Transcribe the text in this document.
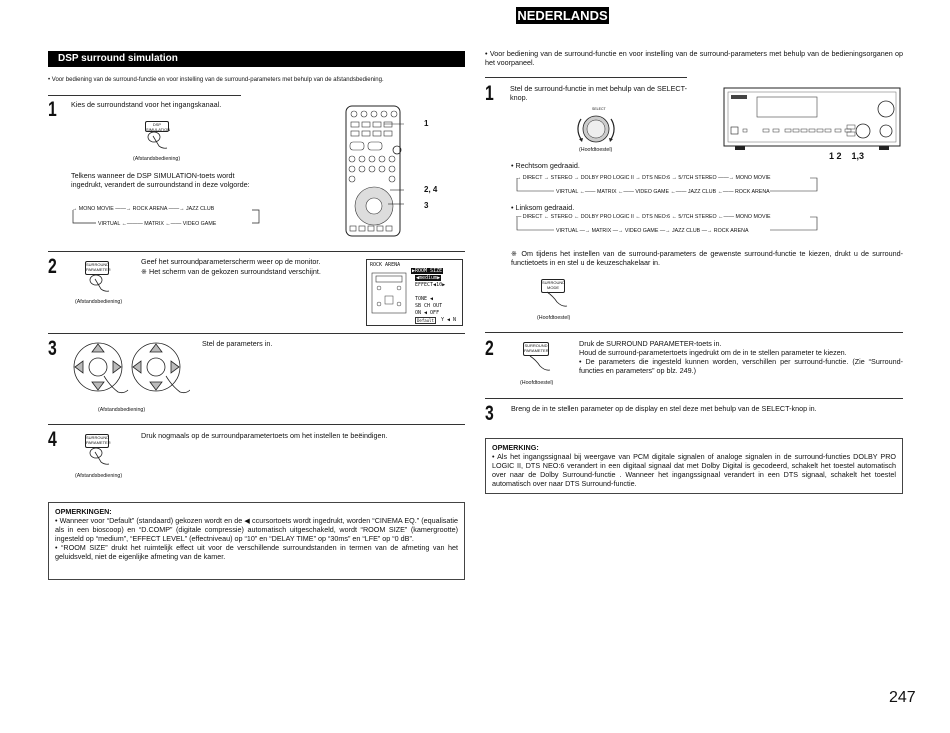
NEDERLANDS
DSP surround simulation
• Voor bediening van de surround-functie en voor instelling van de surround-parameters met behulp van de afstandsbediening.
1 Kies de surroundstand voor het ingangskanaal.
DSP SIMULATION
(Afstandsbediening)
Telkens wanneer de DSP SIMULATION-toets wordt ingedrukt, verandert de surroundstand in deze volgorde:
→ MONO MOVIE ——→ ROCK ARENA ——→ JAZZ CLUB
VIRTUAL ←——— MATRIX ←—— VIDEO GAME
1
2, 4
3
2	SURROUND PARAMETER
(Afstandsbediening)
Geef het surroundparameterscherm weer op de monitor.
※ Het scherm van de gekozen surroundstand verschijnt.
ROCK ARENA
▶ROOM SIZE
◀medium▶
EFFECT◀10▶
TONE ◀
SB CH OUT
ON ◀ OFF
Default	Y ◀ N
3
(Afstandsbediening)
Stel de parameters in.
4	SURROUND PARAMETER
(Afstandsbediening)
Druk nogmaals op de surroundparametertoets om het instellen te beëindigen.
OPMERKINGEN:
• Wanneer voor “Default” (standaard) gekozen wordt en de ◀ ccursortoets wordt ingedrukt, worden “CINEMA EQ.” (equalisatie als in een bioscoop) en “D.COMP” (digitale compressie) automatisch uitgeschakeld, wordt “ROOM SIZE” (kamergrootte) ingesteld op “medium”, “EFFECT LEVEL” (effectniveau) op “10” en “DELAY TIME” op “30ms” en “LFE” op “0 dB”.
• “ROOM SIZE” drukt het ruimtelijk effect uit voor de verschillende surroundstanden in termen van de afmeting van het geluidsveld, niet de eigenlijke afmeting van de kamer.
• Voor bediening van de surround-functie en voor instelling van de surround-parameters met behulp van de bedieningsorganen op het voorpaneel.
1 Stel de surround-functie in met behulp van de SELECT-knop.
SELECT
(Hoofdtoestel)
1 2    1,3
• Rechtsom gedraaid.
→ DIRECT → STEREO → DOLBY PRO LOGIC II → DTS NEO:6 → 5/7CH STEREO ——→ MONO MOVIE
VIRTUAL ←—— MATRIX ←—— VIDEO GAME ←—— JAZZ CLUB ←—— ROCK ARENA
• Linksom gedraaid.
— DIRECT ← STEREO ← DOLBY PRO LOGIC II ← DTS NEO:6 ← 5/7CH STEREO ←—— MONO MOVIE
VIRTUAL —→ MATRIX —→ VIDEO GAME —→ JAZZ CLUB —→ ROCK ARENA
※ Om tijdens het instellen van de surround-parameters de gewenste surround-functie te kiezen, drukt u de surround-functietoets in en stel u de keuzeschakelaar in.
SURROUND MODE
(Hoofdtoestel)
2	SURROUND PARAMETER
(Hoofdtoestel)
Druk de SURROUND PARAMETER-toets in.
Houd de surround-parametertoets ingedrukt om de in te stellen parameter te kiezen.
• De parameters die ingesteld kunnen worden, verschillen per surround-functie. (Zie “Surround-functies en parameters” op blz. 249.)
3 Breng de in te stellen parameter op de display en stel deze met behulp van de SELECT-knop in.
OPMERKING:
• Als het ingangssignaal bij weergave van PCM digitale signalen of analoge signalen in de surround-functies DOLBY PRO LOGIC II, DTS NEO:6 verandert in een digitaal signaal dat met Dolby Digital is gecodeerd, schakelt het toestel automatisch over naar de Dolby Surround-functie . Wanneer het ingangssignaal verandert in een DTS signaal, schakelt het toestel automatisch over naar DTS Surround-functie.
247
